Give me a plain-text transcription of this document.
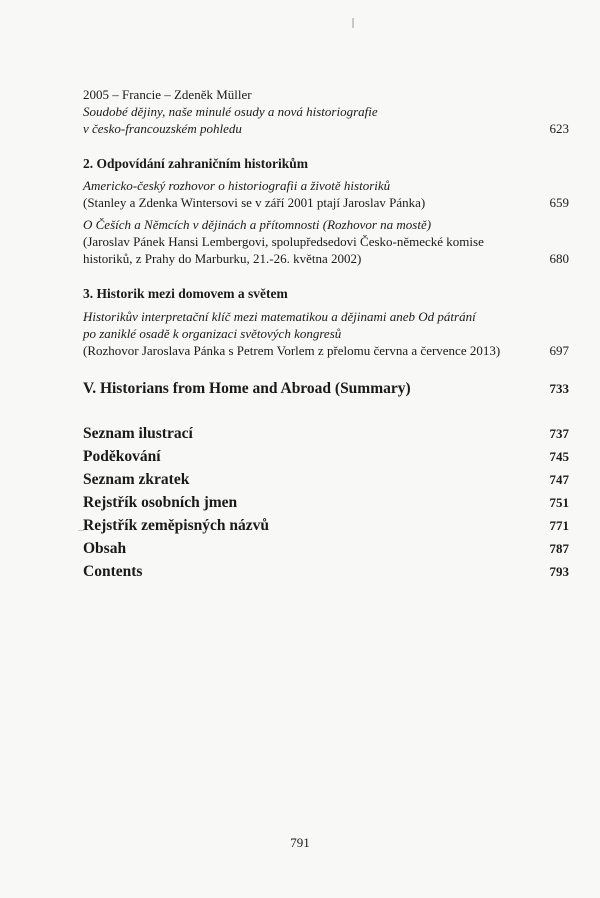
2005 – Francie – Zdeněk Müller
Soudobé dějiny, naše minulé osudy a nová historiografie
v česko-francouzském pohledu	623
2. Odpovídání zahraničním historikům
Americko-český rozhovor o historiografii a životě historiků
(Stanley a Zdenka Wintersovi se v září 2001 ptají Jaroslav Pánka)	659
O Češích a Němcích v dějinách a přítomnosti (Rozhovor na mostě)
(Jaroslav Pánek Hansi Lembergovi, spolupředsedovi Česko-německé komise
historiků, z Prahy do Marburku, 21.-26. května 2002)	680
3. Historik mezi domovem a světem
Historikův interpretační klíč mezi matematikou a dějinami aneb Od pátrání
po zaniklé osadě k organizaci světových kongresů
(Rozhovor Jaroslava Pánka s Petrem Vorlem z přelomu června a července 2013)	697
V. Historians from Home and Abroad (Summary)	733
Seznam ilustrací	737
Poděkování	745
Seznam zkratek	747
Rejstřík osobních jmen	751
Rejstřík zeměpisných názvů	771
Obsah	787
Contents	793
791
